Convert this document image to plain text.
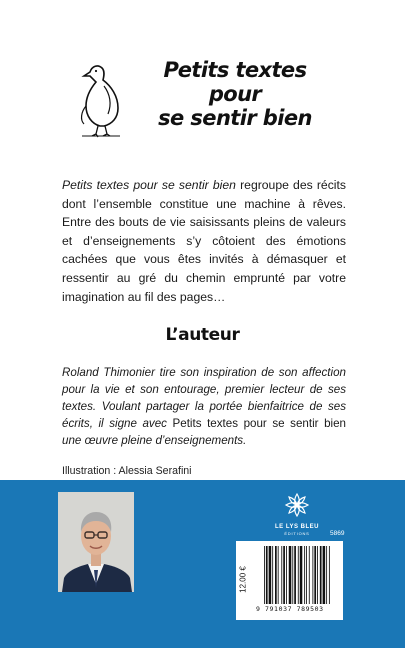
Petits textes
pour
se sentir bien

Petits textes pour se sentir bien regroupe des récits dont l’ensemble constitue une machine à rêves. Entre des bouts de vie saisissants pleins de valeurs et d’enseignements s’y côtoient des émotions cachées que vous êtes invités à démasquer et ressentir au gré du chemin emprunté par votre imagination au fil des pages…

L’auteur

Roland Thimonier tire son inspiration de son affection pour la vie et son entourage, premier lecteur de ses textes. Voulant partager la portée bienfaitrice de ses écrits, il signe avec Petits textes pour se sentir bien une œuvre pleine d’enseignements.

Illustration : Alessia Serafini
LE LYS BLEU
ÉDITIONS	5869
12.00 €
9 791037 789503
